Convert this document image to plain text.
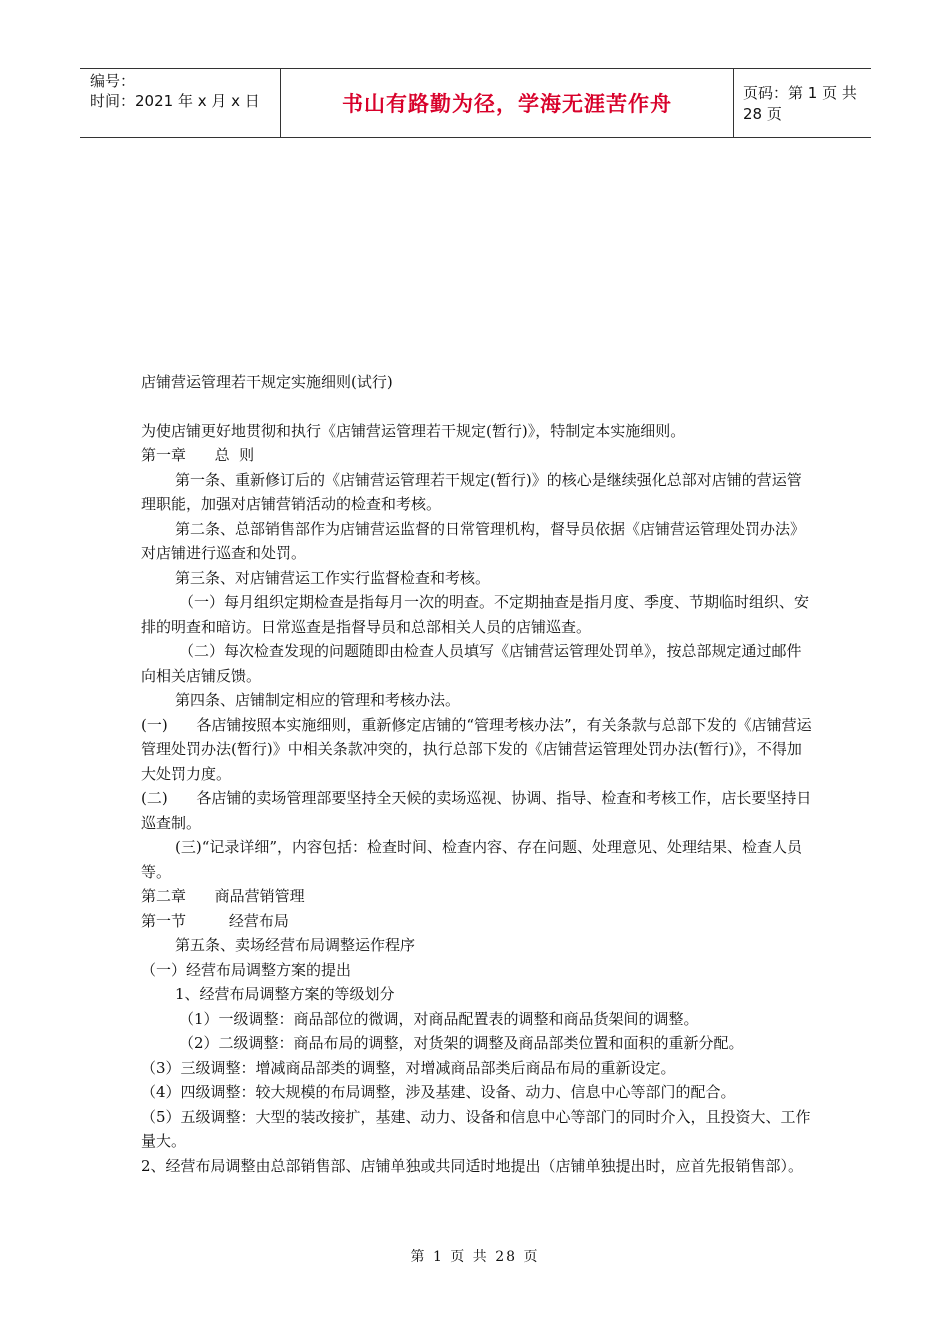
编号：
时间：2021 年 x 月 x 日	书山有路勤为径，学海无涯苦作舟	页码：第 1 页 共 28 页

店铺营运管理若干规定实施细则(试行)

为使店铺更好地贯彻和执行《店铺营运管理若干规定(暂行)》，特制定本实施细则。

第一章      总  则

第一条、重新修订后的《店铺营运管理若干规定(暂行)》的核心是继续强化总部对店铺的营运管理职能，加强对店铺营销活动的检查和考核。

第二条、总部销售部作为店铺营运监督的日常管理机构，督导员依据《店铺营运管理处罚办法》对店铺进行巡查和处罚。

第三条、对店铺营运工作实行监督检查和考核。

（一）每月组织定期检查是指每月一次的明查。不定期抽查是指月度、季度、节期临时组织、安排的明查和暗访。日常巡查是指督导员和总部相关人员的店铺巡查。

（二）每次检查发现的问题随即由检查人员填写《店铺营运管理处罚单》，按总部规定通过邮件向相关店铺反馈。

第四条、店铺制定相应的管理和考核办法。

(一)      各店铺按照本实施细则，重新修定店铺的“管理考核办法”，有关条款与总部下发的《店铺营运管理处罚办法(暂行)》中相关条款冲突的，执行总部下发的《店铺营运管理处罚办法(暂行)》，不得加大处罚力度。

(二)      各店铺的卖场管理部要坚持全天候的卖场巡视、协调、指导、检查和考核工作，店长要坚持日巡查制。

(三)“记录详细”，内容包括：检查时间、检查内容、存在问题、处理意见、处理结果、检查人员等。

第二章      商品营销管理

第一节         经营布局

第五条、卖场经营布局调整运作程序

（一）经营布局调整方案的提出

1、经营布局调整方案的等级划分

（1）一级调整：商品部位的微调，对商品配置表的调整和商品货架间的调整。

（2）二级调整：商品布局的调整，对货架的调整及商品部类位置和面积的重新分配。

（3）三级调整：增减商品部类的调整，对增减商品部类后商品布局的重新设定。

（4）四级调整：较大规模的布局调整，涉及基建、设备、动力、信息中心等部门的配合。

（5）五级调整：大型的装改接扩，基建、动力、设备和信息中心等部门的同时介入，且投资大、工作量大。

2、经营布局调整由总部销售部、店铺单独或共同适时地提出（店铺单独提出时，应首先报销售部）。

第 1 页 共 28 页
